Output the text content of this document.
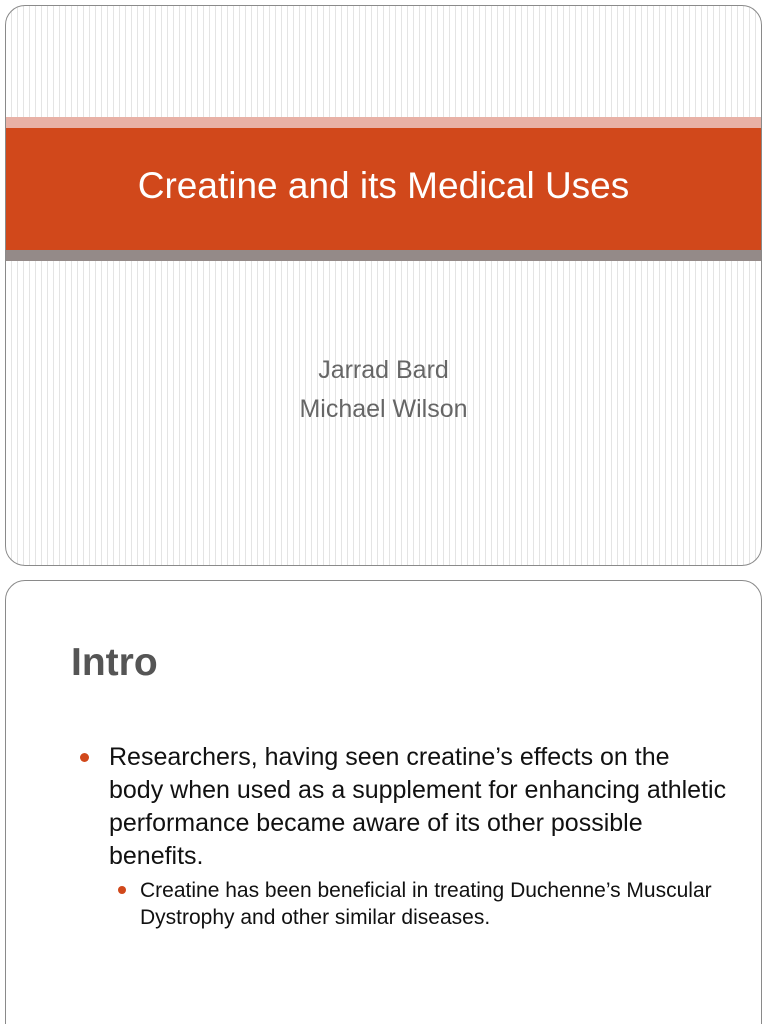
Creatine and its Medical Uses
Jarrad Bard
Michael Wilson
Intro
Researchers, having seen creatine’s effects on the body when used as a supplement for enhancing athletic performance became aware of its other possible benefits.
Creatine has been beneficial in treating Duchenne’s Muscular Dystrophy and other similar diseases.
